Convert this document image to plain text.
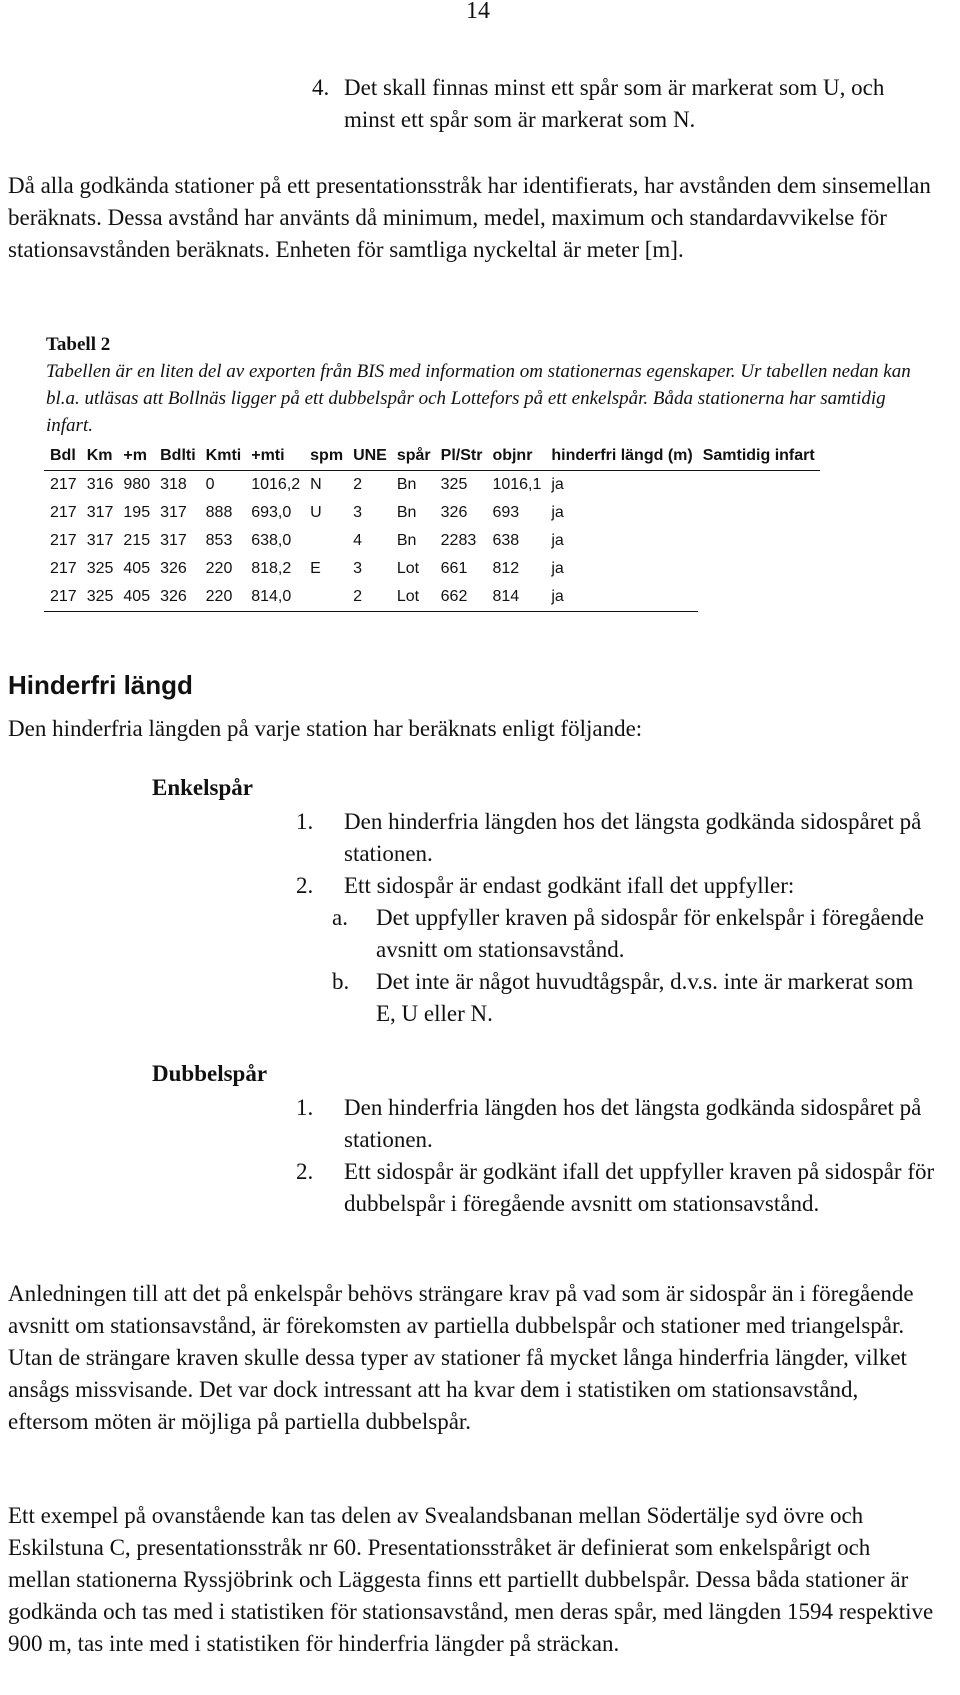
14
4. Det skall finnas minst ett spår som är markerat som U, och minst ett spår som är markerat som N.
Då alla godkända stationer på ett presentationsstråk har identifierats, har avstånden dem sinsemellan beräknats. Dessa avstånd har använts då minimum, medel, maximum och standardavvikelse för stationsavstånden beräknats. Enheten för samtliga nyckeltal är meter [m].
Tabell 2
Tabellen är en liten del av exporten från BIS med information om stationernas egenskaper. Ur tabellen nedan kan bl.a. utläsas att Bollnäs ligger på ett dubbelspår och Lottefors på ett enkelspår. Båda stationerna har samtidig infart.
Bdl	Km	+m	Bdlti	Kmti	+mti	spm	UNE	spår	Pl/Str	objnr	hinderfri längd (m)	Samtidig infart
217	316	980	318	0	1016,2	N	2	Bn	325	1016,1	ja	
217	317	195	317	888	693,0	U	3	Bn	326	693	ja	
217	317	215	317	853	638,0		4	Bn	2283	638	ja	
217	325	405	326	220	818,2	E	3	Lot	661	812	ja	
217	325	405	326	220	814,0		2	Lot	662	814	ja	
Hinderfri längd
Den hinderfria längden på varje station har beräknats enligt följande:
Enkelspår
1. Den hinderfria längden hos det längsta godkända sidospåret på stationen.
2. Ett sidospår är endast godkänt ifall det uppfyller:
a. Det uppfyller kraven på sidospår för enkelspår i föregående avsnitt om stationsavstånd.
b. Det inte är något huvudtågspår, d.v.s. inte är markerat som E, U eller N.
Dubbelspår
1. Den hinderfria längden hos det längsta godkända sidospåret på stationen.
2. Ett sidospår är godkänt ifall det uppfyller kraven på sidospår för dubbelspår i föregående avsnitt om stationsavstånd.
Anledningen till att det på enkelspår behövs strängare krav på vad som är sidospår än i föregående avsnitt om stationsavstånd, är förekomsten av partiella dubbelspår och stationer med triangelspår. Utan de strängare kraven skulle dessa typer av stationer få mycket långa hinderfria längder, vilket ansågs missvisande. Det var dock intressant att ha kvar dem i statistiken om stationsavstånd, eftersom möten är möjliga på partiella dubbelspår.
Ett exempel på ovanstående kan tas delen av Svealandsbanan mellan Södertälje syd övre och Eskilstuna C, presentationsstråk nr 60. Presentationsstråket är definierat som enkelspårigt och mellan stationerna Ryssjöbrink och Läggesta finns ett partiellt dubbelspår. Dessa båda stationer är godkända och tas med i statistiken för stationsavstånd, men deras spår, med längden 1594 respektive 900 m, tas inte med i statistiken för hinderfria längder på sträckan.
